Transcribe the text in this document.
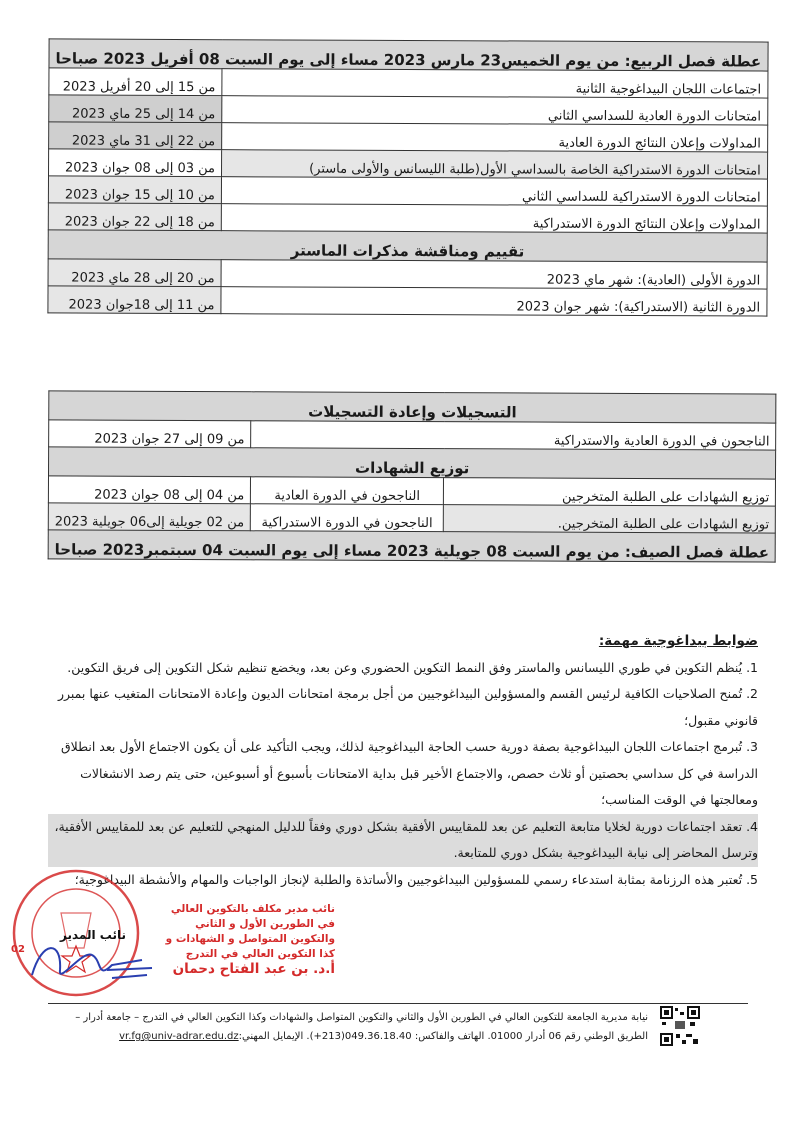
عطلة فصل الربيع: من يوم الخميس23 مارس 2023 مساء إلى يوم السبت 08 أفريل 2023 صباحا	
اجتماعات اللجان البيداغوجية الثانية	من 15 إلى 20 أفريل 2023
امتحانات الدورة العادية للسداسي الثاني	من 14 إلى 25 ماي 2023
المداولات وإعلان النتائج الدورة العادية	من 22 إلى 31 ماي 2023
امتحانات الدورة الاستدراكية الخاصة بالسداسي الأول(طلبة الليسانس والأولى ماستر)	من 03 إلى 08 جوان 2023
امتحانات الدورة الاستدراكية للسداسي الثاني	من 10 إلى 15 جوان 2023
المداولات وإعلان النتائج الدورة الاستدراكية	من 18 إلى 22 جوان 2023
تقييم ومناقشة مذكرات الماستر	
الدورة الأولى (العادية): شهر ماي 2023	من 20 إلى 28 ماي 2023
الدورة الثانية (الاستدراكية): شهر جوان 2023	من 11 إلى 18جوان 2023
التسجيلات وإعادة التسجيلات		
الناجحون في الدورة العادية والاستدراكية		من 09 إلى 27 جوان 2023
توزيع الشهادات		
توزيع الشهادات على الطلبة المتخرجين	الناجحون في الدورة العادية	من 04 إلى 08 جوان 2023
توزيع الشهادات على الطلبة المتخرجين.	الناجحون في الدورة الاستدراكية	من 02 جويلية إلى06 جويلية 2023
عطلة فصل الصيف: من يوم السبت 08 جويلية 2023 مساء إلى يوم السبت 04 سبتمبر2023 صباحا		
ضوابط بيداغوجية مهمة:
1. يُنظم التكوين في طوري الليسانس والماستر وفق النمط التكوين الحضوري وعن بعد، ويخضع تنظيم شكل التكوين إلى فريق التكوين.
2. تُمنح الصلاحيات الكافية لرئيس القسم والمسؤولين البيداغوجيين من أجل برمجة امتحانات الديون وإعادة الامتحانات المتغيب عنها بمبرر قانوني مقبول؛
3. تُبرمج اجتماعات اللجان البيداغوجية بصفة دورية حسب الحاجة البيداغوجية لذلك، ويجب التأكيد على أن يكون الاجتماع الأول بعد انطلاق الدراسة في كل سداسي بحصتين أو ثلاث حصص، والاجتماع الأخير قبل بداية الامتحانات بأسبوع أو أسبوعين، حتى يتم رصد الانشغالات ومعالجتها في الوقت المناسب؛
4. تعقد اجتماعات دورية لخلايا متابعة التعليم عن بعد للمقاييس الأفقية بشكل دوري وفقاً للدليل المنهجي للتعليم عن بعد للمقاييس الأفقية، وترسل المحاضر إلى نيابة البيداغوجية بشكل دوري للمتابعة.
5. تُعتبر هذه الرزنامة بمثابة استدعاء رسمي للمسؤولين البيداغوجيين والأساتذة والطلبة لإنجاز الواجبات والمهام والأنشطة البيداغوجية؛
02
نائب مدير مكلف بالتكوين العالي في الطورين الأول و الثاني
والتكوين المتواصل و الشهادات و كذا التكوين العالي في التدرج
أ.د. بن عبد الفتاح دحمان
نائب المدير
نيابة مديرية الجامعة للتكوين العالي في الطورين الأول والثاني والتكوين المتواصل والشهادات وكذا التكوين العالي في التدرج – جامعة أدرار –
الطريق الوطني رقم 06 أدرار 01000. الهاتف والفاكس: 049.36.18.40(213+). الإيمايل المهني:vr.fg@univ-adrar.edu.dz
